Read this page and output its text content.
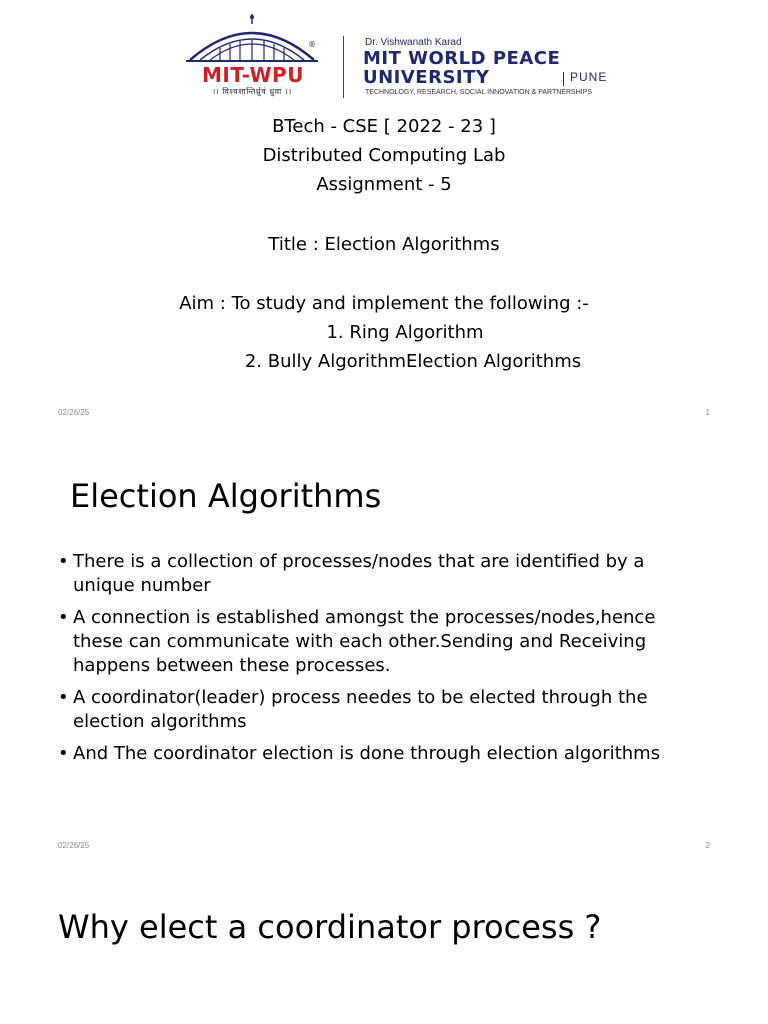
®
MIT-WPU
।। विश्वशान्तिर्ध्रुवं ध्रुवा ।।
Dr. Vishwanath Karad
MIT WORLD PEACE
UNIVERSITY	PUNE
TECHNOLOGY, RESEARCH, SOCIAL INNOVATION & PARTNERSHIPS
BTech - CSE [ 2022 - 23 ]
Distributed Computing Lab
Assignment - 5
Title : Election Algorithms
Aim : To study and implement the following :-
1. Ring Algorithm
2. Bully AlgorithmElection Algorithms
02/26/25	1
Election Algorithms
• There is a collection of processes/nodes that are identified by a unique number
• A connection is established amongst the processes/nodes,hence these can communicate with each other.Sending and Receiving happens between these processes.
• A coordinator(leader) process needes to be elected through the election algorithms
• And The coordinator election is done through election algorithms
02/26/25	2
Why elect a coordinator process ?
